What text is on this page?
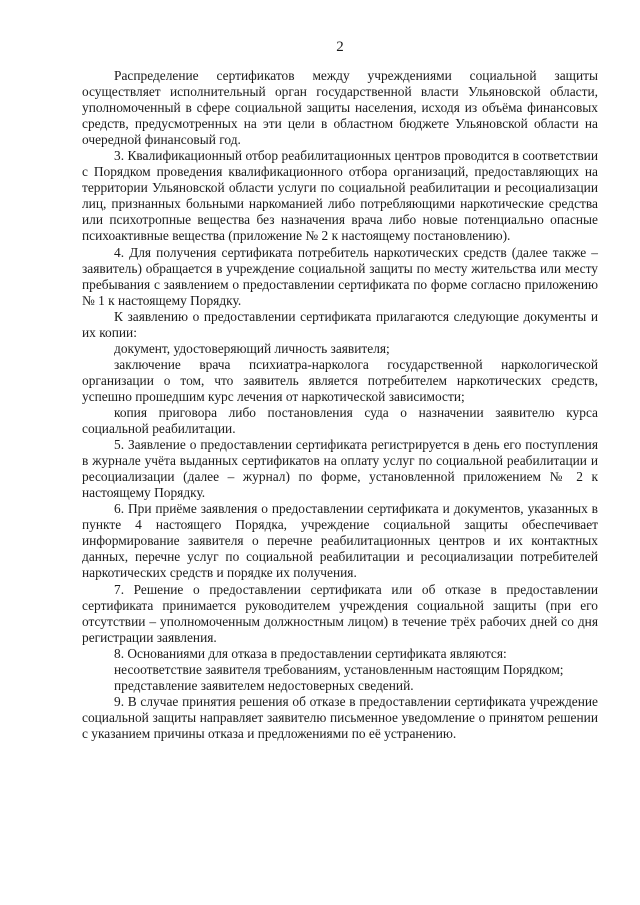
2

Распределение сертификатов между учреждениями социальной защиты осуществляет исполнительный орган государственной власти Ульяновской области, уполномоченный в сфере социальной защиты населения, исходя из объёма финансовых средств, предусмотренных на эти цели в областном бюджете Ульяновской области на очередной финансовый год.

3. Квалификационный отбор реабилитационных центров проводится в соответствии с Порядком проведения квалификационного отбора организаций, предоставляющих на территории Ульяновской области услуги по социальной реабилитации и ресоциализации лиц, признанных больными наркоманией либо потребляющими наркотические средства или психотропные вещества без назначения врача либо новые потенциально опасные психоактивные вещества (приложение № 2 к настоящему постановлению).

4. Для получения сертификата потребитель наркотических средств (далее также – заявитель) обращается в учреждение социальной защиты по месту жительства или месту пребывания с заявлением о предоставлении сертификата по форме согласно приложению № 1 к настоящему Порядку.

К заявлению о предоставлении сертификата прилагаются следующие документы и их копии:

документ, удостоверяющий личность заявителя;

заключение врача психиатра-нарколога государственной наркологической организации о том, что заявитель является потребителем наркотических средств, успешно прошедшим курс лечения от наркотической зависимости;

копия приговора либо постановления суда о назначении заявителю курса социальной реабилитации.

5. Заявление о предоставлении сертификата регистрируется в день его поступления в журнале учёта выданных сертификатов на оплату услуг по социальной реабилитации и ресоциализации (далее – журнал) по форме, установленной приложением № 2 к настоящему Порядку.

6. При приёме заявления о предоставлении сертификата и документов, указанных в пункте 4 настоящего Порядка, учреждение социальной защиты обеспечивает информирование заявителя о перечне реабилитационных центров и их контактных данных, перечне услуг по социальной реабилитации и ресоциализации потребителей наркотических средств и порядке их получения.

7. Решение о предоставлении сертификата или об отказе в предоставлении сертификата принимается руководителем учреждения социальной защиты (при его отсутствии – уполномоченным должностным лицом) в течение трёх рабочих дней со дня регистрации заявления.

8. Основаниями для отказа в предоставлении сертификата являются:

несоответствие заявителя требованиям, установленным настоящим Порядком;

представление заявителем недостоверных сведений.

9. В случае принятия решения об отказе в предоставлении сертификата учреждение социальной защиты направляет заявителю письменное уведомление о принятом решении с указанием причины отказа и предложениями по её устранению.
